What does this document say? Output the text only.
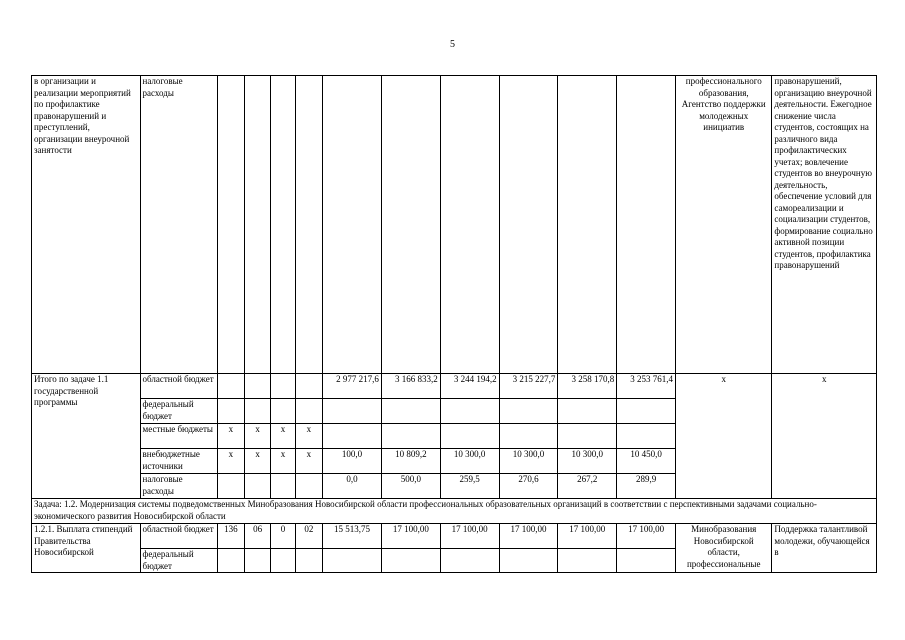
5
в организации и реализации мероприятий по профилактике правонарушений и преступлений, организации внеурочной занятости	налоговые расходы											профессионального образования, Агентство поддержки молодежных инициатив	правонарушений, организацию внеурочной деятельности. Ежегодное снижение числа студентов, состоящих на различного вида профилактических учетах; вовлечение студентов во внеурочную деятельность, обеспечение условий для самореализации и социализации студентов, формирование социально активной позиции студентов, профилактика правонарушений
Итого по задаче 1.1 государственной программы	областной бюджет					2 977 217,6	3 166 833,2	3 244 194,2	3 215 227,7	3 258 170,8	3 253 761,4	x	x
	федеральный бюджет												
	местные бюджеты	x	x	x	x								
	внебюджетные источники	x	x	x	x	100,0	10 809,2	10 300,0	10 300,0	10 300,0	10 450,0		
	налоговые расходы					0,0	500,0	259,5	270,6	267,2	289,9		
Задача: 1.2. Модернизация системы подведомственных Минобразования Новосибирской области профессиональных образовательных организаций в соответствии с перспективными задачами социально-экономического развития Новосибирской области													
1.2.1. Выплата стипендий Правительства Новосибирской	областной бюджет	136	06	0	02	15 513,75	17 100,00	17 100,00	17 100,00	17 100,00	17 100,00	Минобразования Новосибирской области, профессиональные	Поддержка талантливой молодежи, обучающейся в
	федеральный бюджет												
